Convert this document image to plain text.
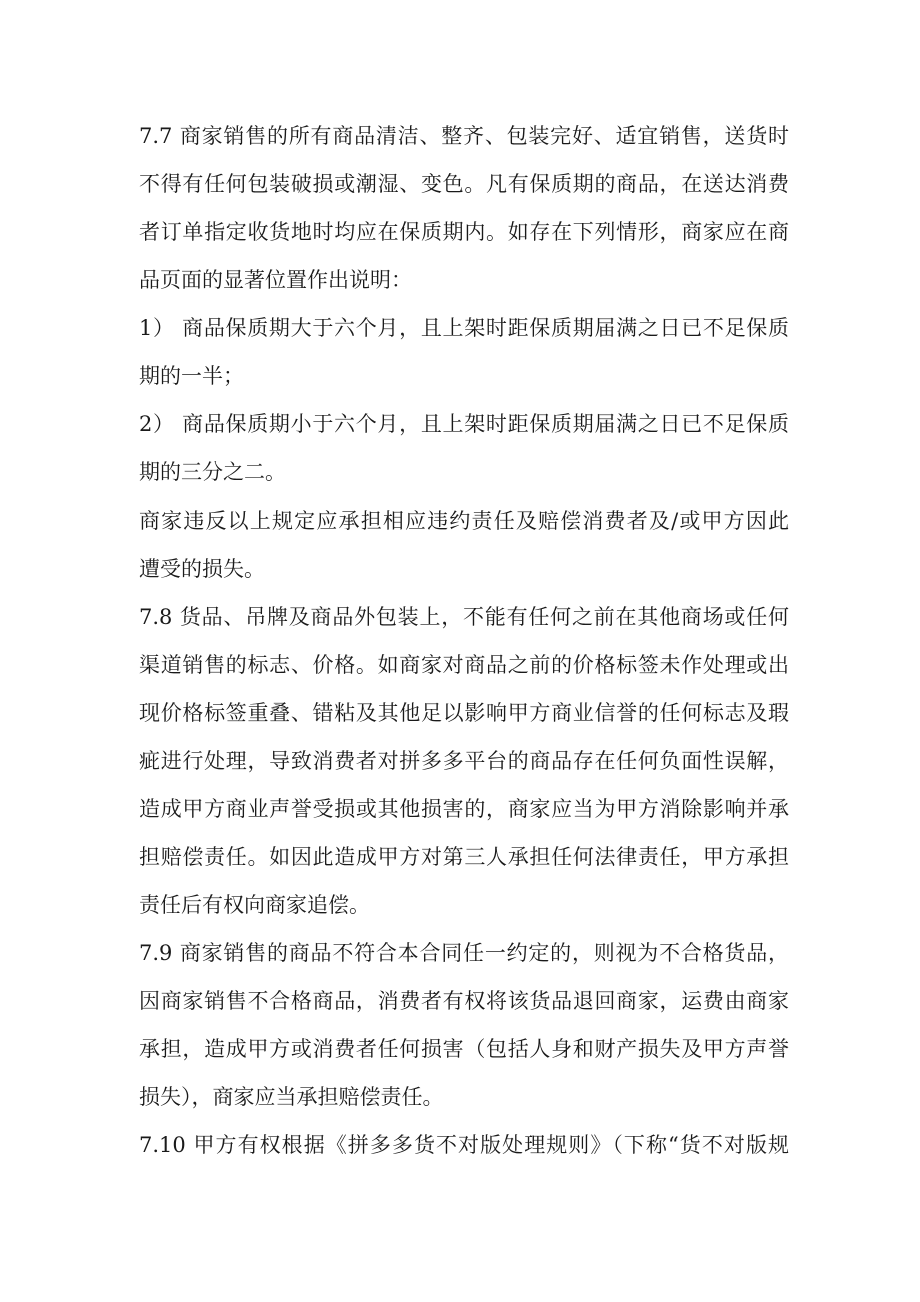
7.7 商家销售的所有商品清洁、整齐、包装完好、适宜销售，送货时
不得有任何包装破损或潮湿、变色。凡有保质期的商品，在送达消费
者订单指定收货地时均应在保质期内。如存在下列情形，商家应在商
品页面的显著位置作出说明：
1） 商品保质期大于六个月，且上架时距保质期届满之日已不足保质
期的一半；
2） 商品保质期小于六个月，且上架时距保质期届满之日已不足保质
期的三分之二。
商家违反以上规定应承担相应违约责任及赔偿消费者及/或甲方因此
遭受的损失。
7.8 货品、吊牌及商品外包装上，不能有任何之前在其他商场或任何
渠道销售的标志、价格。如商家对商品之前的价格标签未作处理或出
现价格标签重叠、错粘及其他足以影响甲方商业信誉的任何标志及瑕
疵进行处理，导致消费者对拼多多平台的商品存在任何负面性误解，
造成甲方商业声誉受损或其他损害的，商家应当为甲方消除影响并承
担赔偿责任。如因此造成甲方对第三人承担任何法律责任，甲方承担
责任后有权向商家追偿。
7.9 商家销售的商品不符合本合同任一约定的，则视为不合格货品，
因商家销售不合格商品，消费者有权将该货品退回商家，运费由商家
承担，造成甲方或消费者任何损害（包括人身和财产损失及甲方声誉
损失），商家应当承担赔偿责任。
7.10 甲方有权根据《拼多多货不对版处理规则》（下称“货不对版规
